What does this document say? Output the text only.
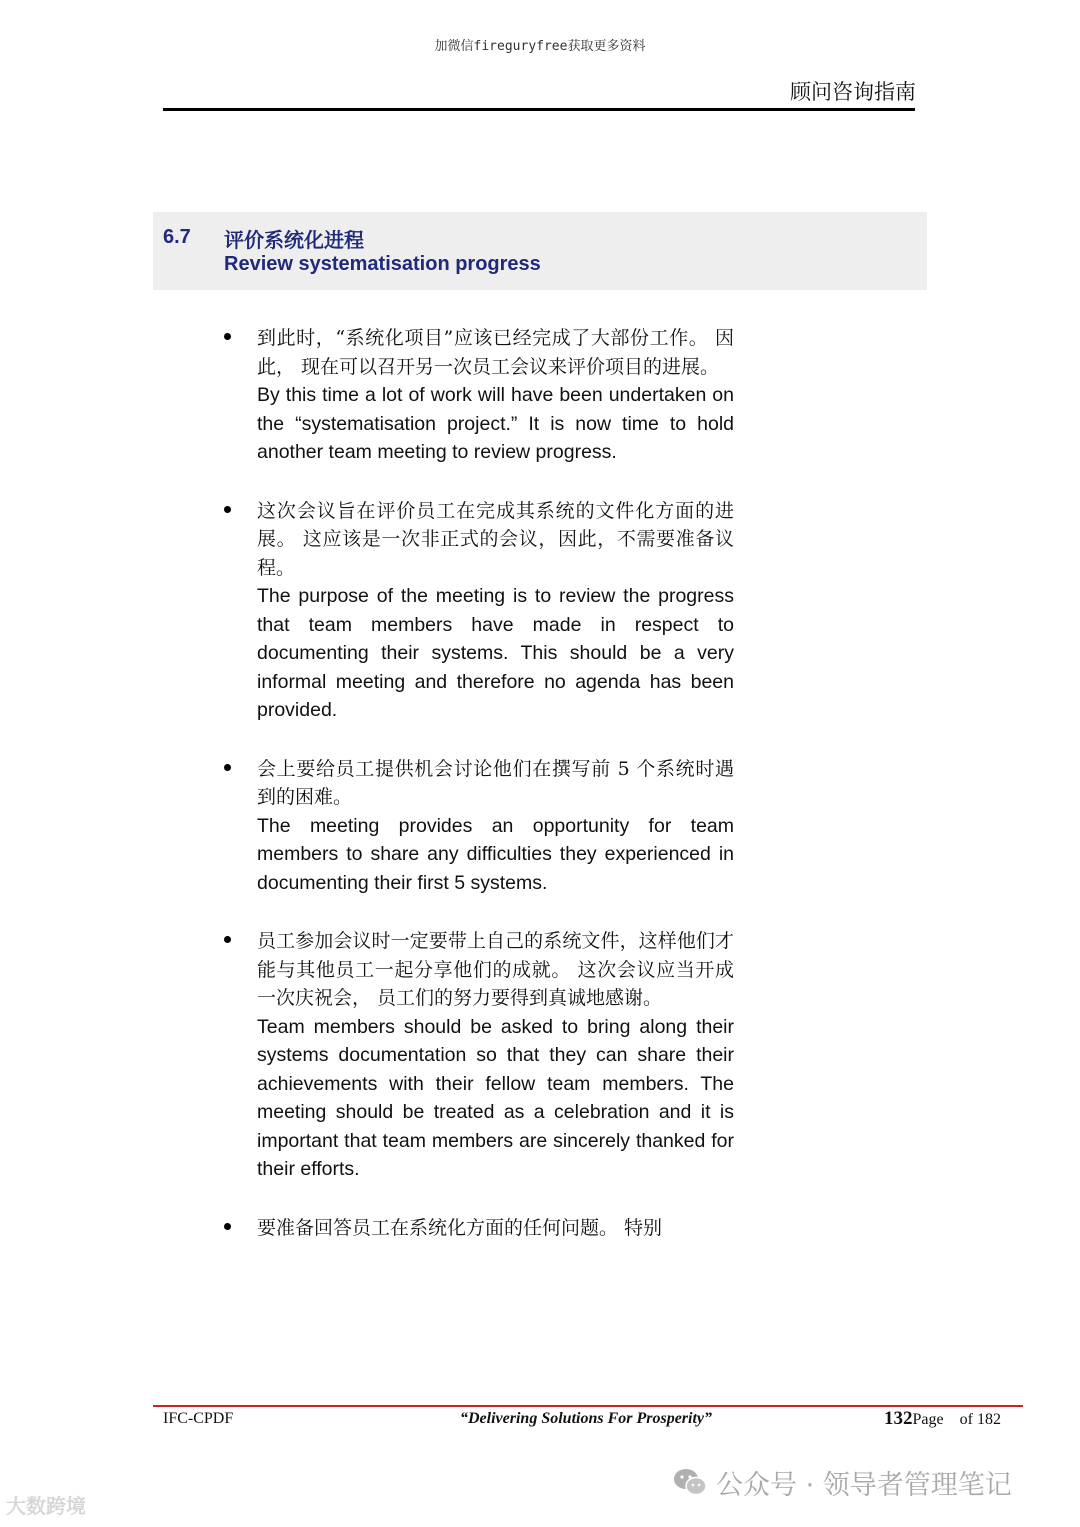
加微信fireguryfree获取更多资料
顾问咨询指南
6.7 评价系统化进程
Review systematisation progress
到此时，“系统化项目”应该已经完成了大部份工作。 因此， 现在可以召开另一次员工会议来评价项目的进展。
By this time a lot of work will have been undertaken on the “systematisation project.” It is now time to hold another team meeting to review progress.
这次会议旨在评价员工在完成其系统的文件化方面的进展。 这应该是一次非正式的会议，因此，不需要准备议程。
The purpose of the meeting is to review the progress that team members have made in respect to documenting their systems. This should be a very informal meeting and therefore no agenda has been provided.
会上要给员工提供机会讨论他们在撰写前 5 个系统时遇到的困难。
The meeting provides an opportunity for team members to share any difficulties they experienced in documenting their first 5 systems.
员工参加会议时一定要带上自己的系统文件，这样他们才能与其他员工一起分享他们的成就。 这次会议应当开成一次庆祝会， 员工们的努力要得到真诚地感谢。
Team members should be asked to bring along their systems documentation so that they can share their achievements with their fellow team members. The meeting should be treated as a celebration and it is important that team members are sincerely thanked for their efforts.
要准备回答员工在系统化方面的任何问题。 特别
IFC-CPDF	“Delivering Solutions For Prosperity”	132Page of 182
公众号 · 领导者管理笔记
大数跨境
